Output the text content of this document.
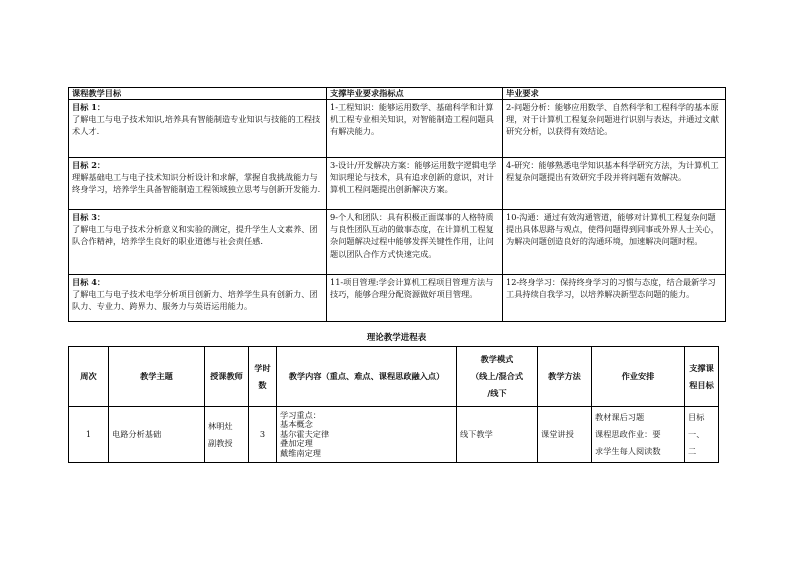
课程教学目标	支撑毕业要求指标点	毕业要求

目标 1：
了解电工与电子技术知识,培养具有智能制造专业知识与技能的工程技术人才.	1-工程知识：能够运用数学、基础科学和计算机工程专业相关知识，对智能制造工程问题具有解决能力。	2-问题分析：能够应用数学、自然科学和工程科学的基本原理，对于计算机工程复杂问题进行识别与表达，并通过文献研究分析，以获得有效结论。

目标 2：
理解基础电工与电子技术知识分析设计和求解，掌握自我挑战能力与终身学习，培养学生具备智能制造工程领域独立思考与创新开发能力.	3-设计/开发解决方案：能够运用数字逻辑电学知识理论与技术，具有追求创新的意识，对计算机工程问题提出创新解决方案。	4-研究：能够熟悉电学知识基本科学研究方法，为计算机工程复杂问题提出有效研究手段并将问题有效解决。

目标 3：
了解电工与电子技术分析意义和实验的测定，提升学生人文素养、团队合作精神，培养学生良好的职业道德与社会责任感.	9-个人和团队：具有积极正面谋事的人格特质与良性团队互动的做事态度，在计算机工程复杂问题解决过程中能够发挥关键性作用，让问题以团队合作方式快速完成。	10-沟通：通过有效沟通管道，能够对计算机工程复杂问题提出具体思路与观点，使得问题得到同事或外界人士关心，为解决问题创造良好的沟通环境，加速解决问题时程。

目标 4：
了解电工与电子技术电学分析项目创新力、培养学生具有创新力、团队力、专业力、跨界力、服务力与英语运用能力。	11-项目管理:学会计算机工程项目管理方法与技巧，能够合理分配资源做好项目管理。	12-终身学习：保持终身学习的习惯与态度，结合最新学习工具持续自我学习，以培养解决新型态问题的能力。
理论教学进程表
周次	教学主题	授课教师	学时数	教学内容（重点、难点、课程思政融入点）	教学模式
（线上/混合式
/线下	教学方法	作业安排	支撑课程目标
1	电路分析基础	林明灶
副教授	3	学习重点：
基本概念
基尔霍夫定律
叠加定理
戴维南定理	线下教学	课堂讲授	教材课后习题
课程思政作业：要
求学生每人阅读数	目标一、
二
